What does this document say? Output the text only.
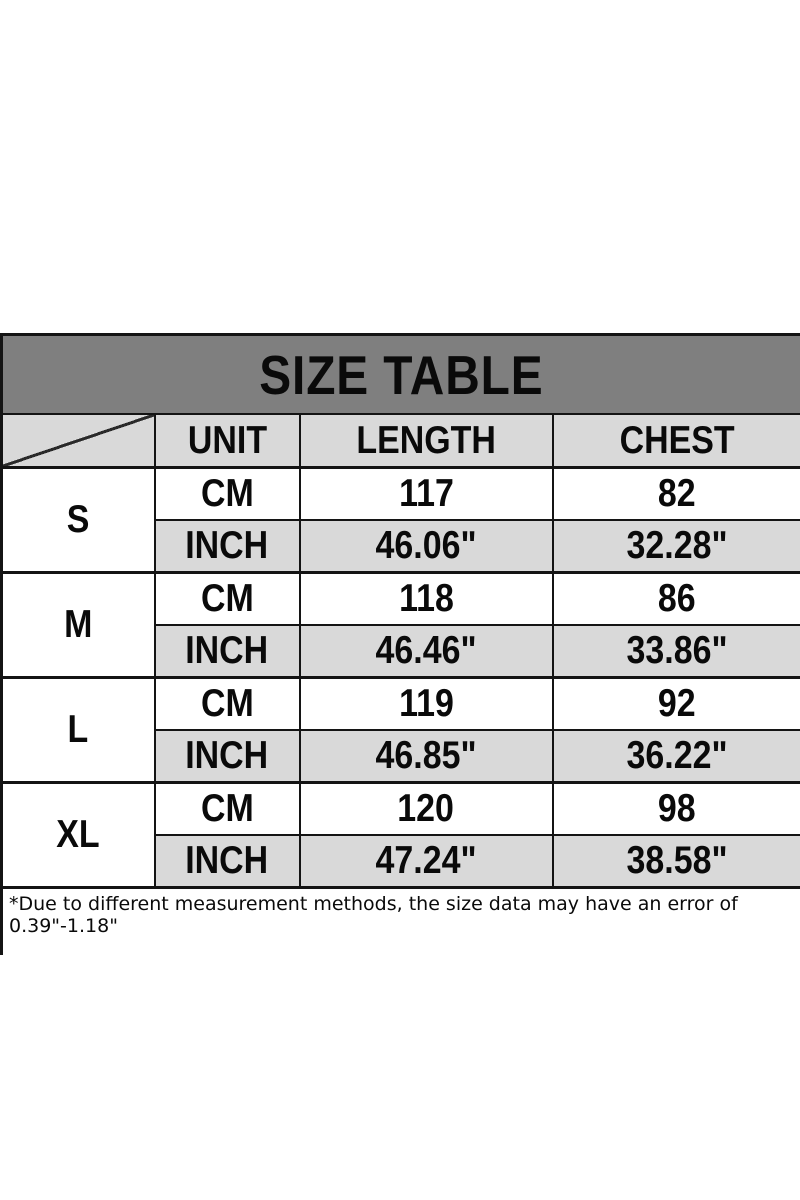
SIZE TABLE			

	UNIT	LENGTH	CHEST
S	CM	117	82
	INCH	46.06"	32.28"
M	CM	118	86
	INCH	46.46"	33.86"
L	CM	119	92
	INCH	46.85"	36.22"
XL	CM	120	98
	INCH	47.24"	38.58"
*Due to different measurement methods, the size data may have an error of 0.39"-1.18"
